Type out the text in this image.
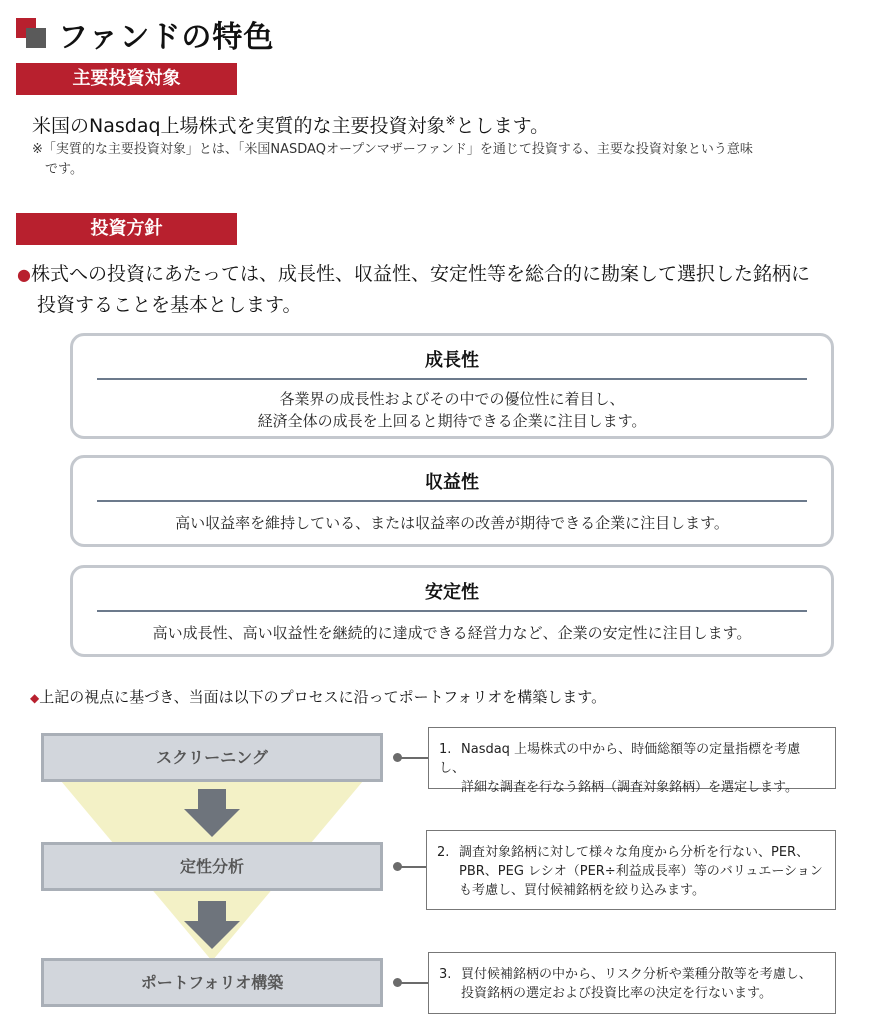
ファンドの特色
主要投資対象
米国のNasdaq上場株式を実質的な主要投資対象※とします。
※「実質的な主要投資対象」とは、「米国NASDAQオープンマザーファンド」を通じて投資する、主要な投資対象という意味
です。
投資方針
●株式への投資にあたっては、成長性、収益性、安定性等を総合的に勘案して選択した銘柄に
投資することを基本とします。
成長性
各業界の成長性およびその中での優位性に着目し、
経済全体の成長を上回ると期待できる企業に注目します。
収益性
高い収益率を維持している、または収益率の改善が期待できる企業に注目します。
安定性
高い成長性、高い収益性を継続的に達成できる経営力など、企業の安定性に注目します。
◆上記の視点に基づき、当面は以下のプロセスに沿ってポートフォリオを構築します。
スクリーニング
定性分析
ポートフォリオ構築
1. Nasdaq 上場株式の中から、時価総額等の定量指標を考慮し、
詳細な調査を行なう銘柄（調査対象銘柄）を選定します。
2. 調査対象銘柄に対して様々な角度から分析を行ない、PER、
PBR、PEG レシオ（PER÷利益成長率）等のバリュエーション
も考慮し、買付候補銘柄を絞り込みます。
3. 買付候補銘柄の中から、リスク分析や業種分散等を考慮し、
投資銘柄の選定および投資比率の決定を行ないます。
